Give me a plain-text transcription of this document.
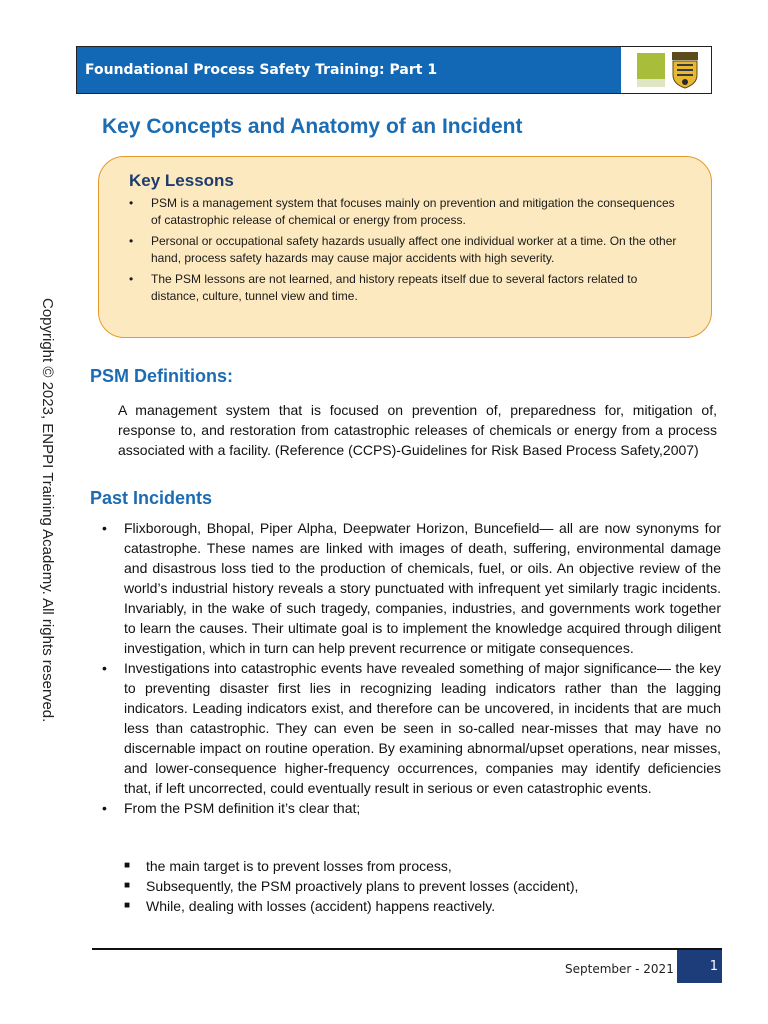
Foundational Process Safety Training: Part 1
Key Concepts and Anatomy of an Incident
Key Lessons
• PSM is a management system that focuses mainly on prevention and mitigation the consequences of catastrophic release of chemical or energy from process.
• Personal or occupational safety hazards usually affect one individual worker at a time. On the other hand, process safety hazards may cause major accidents with high severity.
• The PSM lessons are not learned, and history repeats itself due to several factors related to distance, culture, tunnel view and time.
PSM Definitions:

A management system that is focused on prevention of, preparedness for, mitigation of, response to, and restoration from catastrophic releases of chemicals or energy from a process associated with a facility. (Reference (CCPS)-Guidelines for Risk Based Process Safety,2007)

Past Incidents
• Flixborough, Bhopal, Piper Alpha, Deepwater Horizon, Buncefield— all are now synonyms for catastrophe. These names are linked with images of death, suffering, environmental damage and disastrous loss tied to the production of chemicals, fuel, or oils. An objective review of the world’s industrial history reveals a story punctuated with infrequent yet similarly tragic incidents. Invariably, in the wake of such tragedy, companies, industries, and governments work together to learn the causes. Their ultimate goal is to implement the knowledge acquired through diligent investigation, which in turn can help prevent recurrence or mitigate consequences.
• Investigations into catastrophic events have revealed something of major significance— the key to preventing disaster first lies in recognizing leading indicators rather than the lagging indicators. Leading indicators exist, and therefore can be uncovered, in incidents that are much less than catastrophic. They can even be seen in so-called near-misses that may have no discernable impact on routine operation. By examining abnormal/upset operations, near misses, and lower-consequence higher-frequency occurrences, companies may identify deficiencies that, if left uncorrected, could eventually result in serious or even catastrophic events.
• From the PSM definition it’s clear that;
■ the main target is to prevent losses from process,
■ Subsequently, the PSM proactively plans to prevent losses (accident),
■ While, dealing with losses (accident) happens reactively.
Copyright © 2023, ENPPI Training Academy. All rights reserved.
September - 2021	1
